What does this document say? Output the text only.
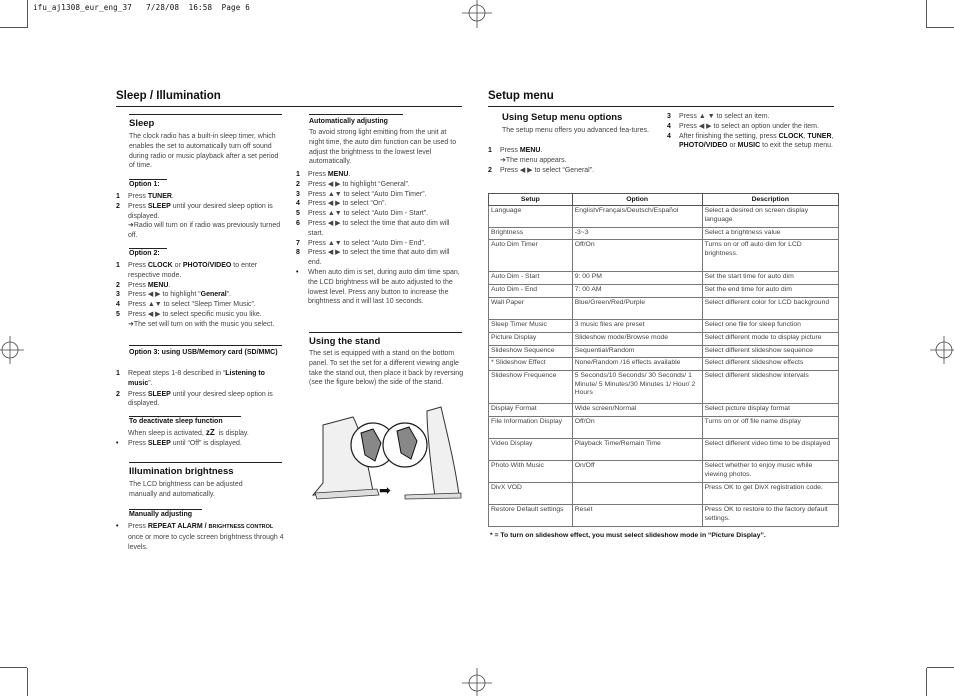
ifu_aj1308_eur_eng_37   7/28/08  16:58  Page 6
Sleep / Illumination
Sleep
The clock radio has a built-in sleep timer, which enables the set to automatically turn off sound during radio or music playback after a set period of time.
Option 1:
1 Press TUNER.
2 Press SLEEP until your desired sleep option is displayed.
➜Radio will turn on if radio was previously turned off.
Option 2:
1 Press CLOCK or PHOTO/VIDEO to enter respective mode.
2 Press MENU.
3 Press ◀ ▶ to highlight “General”.
4 Press ▲▼ to select “Sleep Timer Music”.
5 Press ◀ ▶ to select specific music you like.
➜The set will turn on with the music you select.
Option 3: using USB/Memory card (SD/MMC)
1 Repeat steps 1-8 described in “Listening to music”.
2 Press SLEEP until your desired sleep option is displayed.
To deactivate sleep function
When sleep is activated, zZ is display.
• Press SLEEP until “Off” is displayed.
Illumination brightness
The LCD brightness can be adjusted manually and automatically.
Manually adjusting
• Press REPEAT ALARM / BRIGHTNESS CONTROL once or more to cycle screen brightness through 4 levels.
Automatically adjusting
To avoid strong light emitting from the unit at night time, the auto dim function can be used to adjust the brightness to the lowest level automatically.
1 Press MENU.
2 Press ◀ ▶ to highlight “General”.
3 Press ▲▼ to select “Auto Dim Timer”.
4 Press ◀ ▶ to select “On”.
5 Press ▲▼ to select “Auto Dim - Start”.
6 Press ◀ ▶ to select the time that auto dim will start.
7 Press ▲▼ to select “Auto Dim - End”.
8 Press ◀ ▶ to select the time that auto dim will end.
• When auto dim is set, during auto dim time span, the LCD brightness will be auto adjusted to the lowest level. Press any button to increase the brightness and it will last 10 seconds.
Using the stand
The set is equipped with a stand on the bottom panel. To set the set for a different viewing angle take the stand out, then place it back by reversing (see the figure below) the side of the stand.
➡
Setup menu
Using Setup menu options
The setup menu offers you advanced fea-tures.
1 Press MENU.
➜The menu appears.
2 Press ◀ ▶ to select “General”.
3 Press ▲ ▼ to select an item.
4 Press ◀ ▶ to select an option under the item.
4 After finishing the setting, press CLOCK, TUNER, PHOTO/VIDEO or MUSIC to exit the setup menu.
Setup	Option	Description
Language	English/Français/Deutsch/Español	Select a desired on screen display language
Brightness	-3~3	Select a brightness value
Auto Dim Timer	Off/On	Turns on or off auto dim for LCD brightness.
Auto Dim - Start	9: 00 PM	Set the start time for auto dim
Auto Dim - End	7: 00 AM	Set the end time for auto dim
Wall Paper	Blue/Green/Red/Purple	Select different color for LCD background
Sleep Timer Music	3 music files are preset	Select one file for sleep function
Picture Display	Slideshow mode/Browse mode	Select different mode to display picture
Slideshow Sequence	Sequential/Random	Select different slideshow sequence
* Slideshow Effect	None/Random /16 effects available	Select different slideshow effects
Slideshow Frequence	5 Seconds/10 Seconds/ 30 Seconds/ 1 Minute/ 5 Minutes/30 Minutes 1/ Hour/ 2 Hours	Select different slideshow intervals
Display Format	Wide screen/Normal	Select picture display format
File Information Display	Off/On	Turns on or off file name display
Video Display	Playback Time/Remain Time	Select different video time to be displayed
Photo With Music	On/Off	Select whether to enjoy music while viewing photos.
DivX VOD		Press OK to get DivX registration code.
Restore Default settings	Reset	Press OK to restore to the factory default settings.
* = To turn on slideshow effect, you must select slideshow mode in “Picture Display”.
